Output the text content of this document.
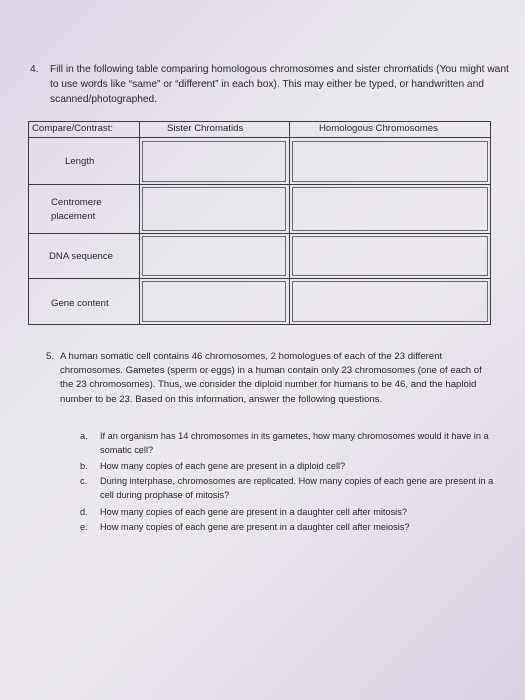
4. Fill in the following table comparing homologous chromosomes and sister chromatids (You might want to use words like “same” or “different” in each box). This may either be typed, or handwritten and scanned/photographed.
Compare/Contrast:	Sister Chromatids	Homologous Chromosomes
Length
Centromere placement
DNA sequence
Gene content
5. A human somatic cell contains 46 chromosomes, 2 homologues of each of the 23 different chromosomes. Gametes (sperm or eggs) in a human contain only 23 chromosomes (one of each of the 23 chromosomes). Thus, we consider the diploid number for humans to be 46, and the haploid number to be 23. Based on this information, answer the following questions.
a. If an organism has 14 chromosomes in its gametes, how many chromosomes would it have in a somatic cell?
b. How many copies of each gene are present in a diploid cell?
c. During interphase, chromosomes are replicated. How many copies of each gene are present in a cell during prophase of mitosis?
d. How many copies of each gene are present in a daughter cell after mitosis?
e. How many copies of each gene are present in a daughter cell after meiosis?
